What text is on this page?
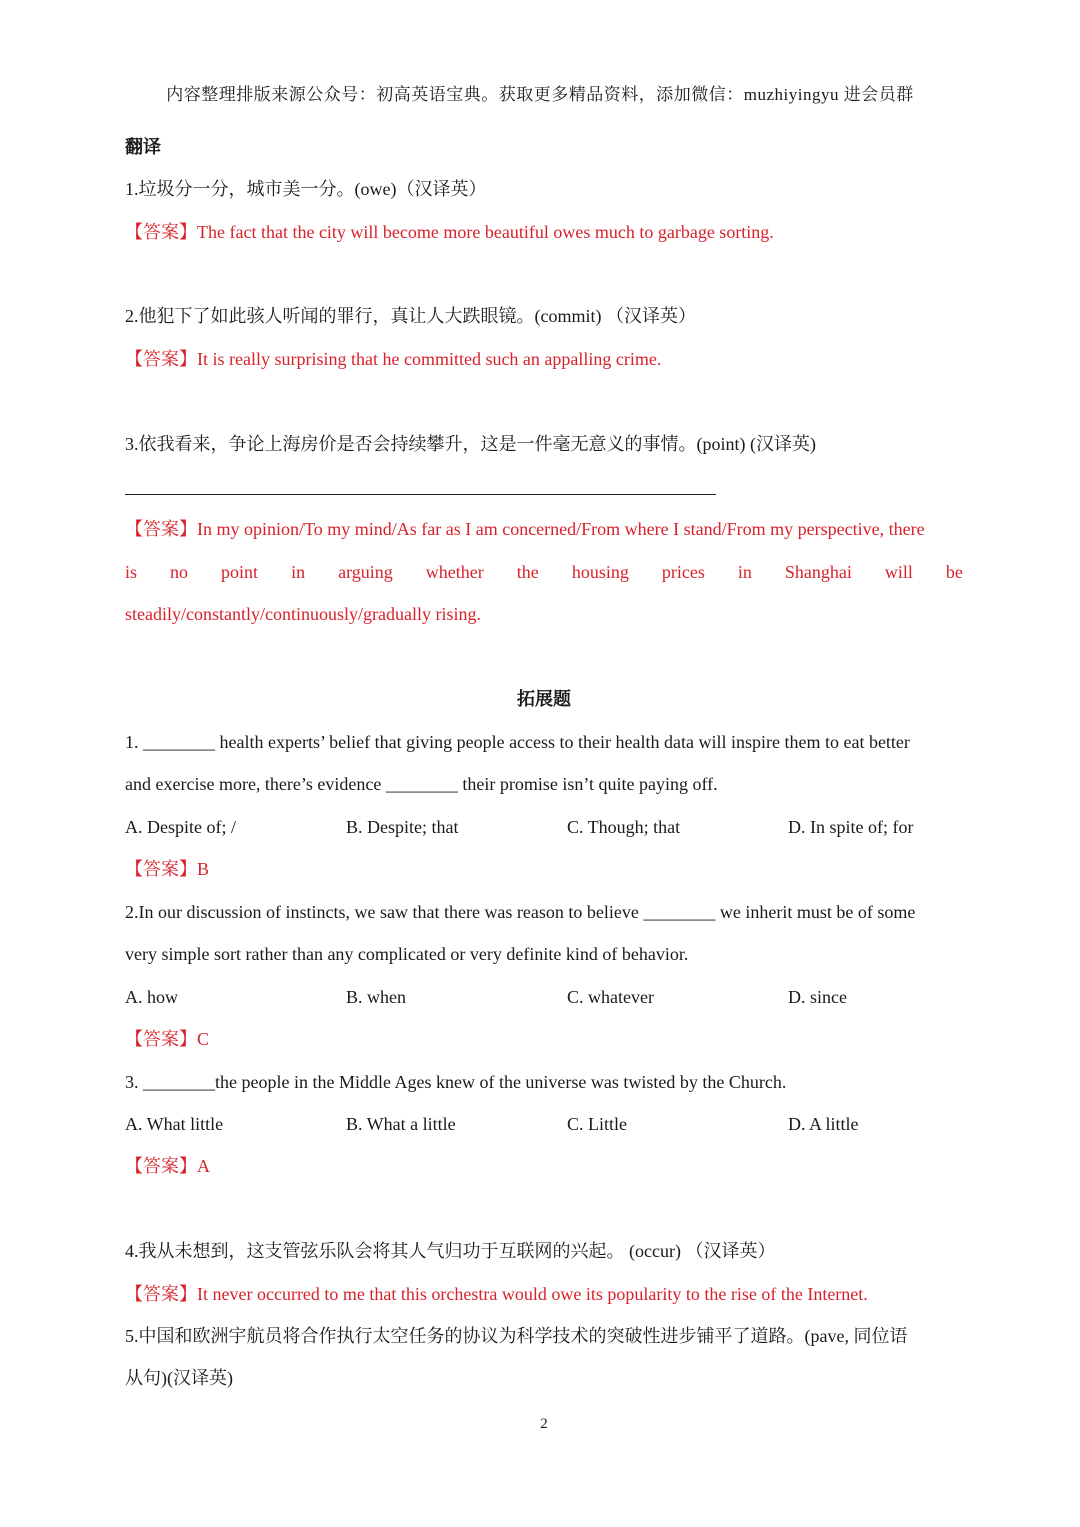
内容整理排版来源公众号：初高英语宝典。获取更多精品资料，添加微信：muzhiyingyu 进会员群
翻译
1.垃圾分一分，城市美一分。(owe)（汉译英）
【答案】The fact that the city will become more beautiful owes much to garbage sorting.
2.他犯下了如此骇人听闻的罪行，真让人大跌眼镜。(commit) （汉译英）
【答案】It is really surprising that he committed such an appalling crime.
3.依我看来，争论上海房价是否会持续攀升，这是一件毫无意义的事情。(point) (汉译英)
【答案】In my opinion/To my mind/As far as I am concerned/From where I stand/From my perspective, there
is no point in arguing whether the housing prices in Shanghai will be
steadily/constantly/continuously/gradually rising.
拓展题
1. ________ health experts’ belief that giving people access to their health data will inspire them to eat better
and exercise more, there’s evidence ________ their promise isn’t quite paying off.
A. Despite of; /	B. Despite; that	C. Though; that	D. In spite of; for
【答案】B
2.In our discussion of instincts, we saw that there was reason to believe ________ we inherit must be of some
very simple sort rather than any complicated or very definite kind of behavior.
A. how	B. when	C. whatever	D. since
【答案】C
3. ________the people in the Middle Ages knew of the universe was twisted by the Church.
A. What little	B. What a little	C. Little	D. A little
【答案】A
4.我从未想到，这支管弦乐队会将其人气归功于互联网的兴起。 (occur) （汉译英）
【答案】It never occurred to me that this orchestra would owe its popularity to the rise of the Internet.
5.中国和欧洲宇航员将合作执行太空任务的协议为科学技术的突破性进步铺平了道路。(pave, 同位语
从句)(汉译英)
2
